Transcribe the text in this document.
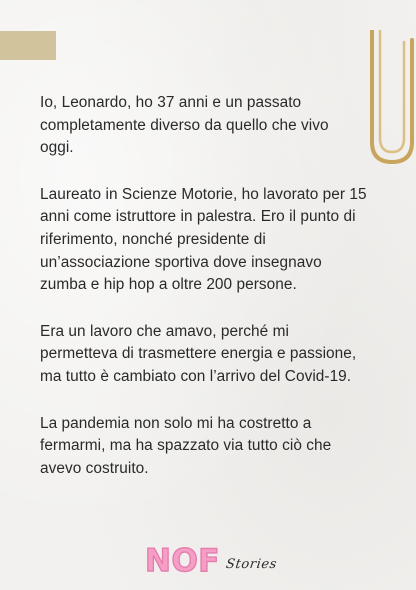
Io, Leonardo, ho 37 anni e un passato
completamente diverso da quello che vivo
oggi.

Laureato in Scienze Motorie, ho lavorato per 15
anni come istruttore in palestra. Ero il punto di
riferimento, nonché presidente di
un’associazione sportiva dove insegnavo
zumba e hip hop a oltre 200 persone.

Era un lavoro che amavo, perché mi
permetteva di trasmettere energia e passione,
ma tutto è cambiato con l’arrivo del Covid-19.

La pandemia non solo mi ha costretto a
fermarmi, ma ha spazzato via tutto ciò che
avevo costruito.

NOF Stories
